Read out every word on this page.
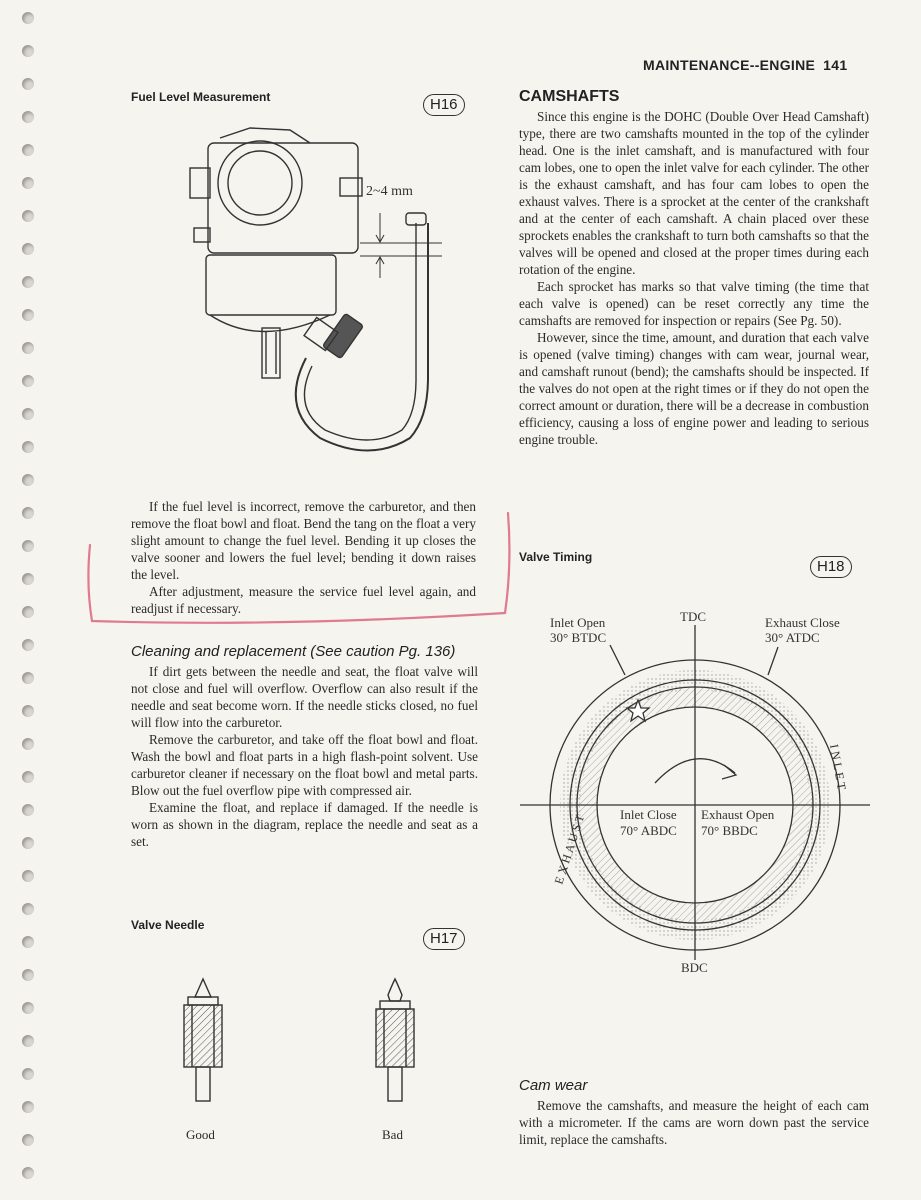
MAINTENANCE--ENGINE 141
Fuel Level Measurement	H16
2~4 mm

If the fuel level is incorrect, remove the carburetor, and then remove the float bowl and float. Bend the tang on the float a very slight amount to change the fuel level. Bending it up closes the valve sooner and lowers the fuel level; bending it down raises the level.

After adjustment, measure the service fuel level again, and readjust if necessary.

Cleaning and replacement (See caution Pg. 136)

If dirt gets between the needle and seat, the float valve will not close and fuel will overflow. Overflow can also result if the needle and seat become worn. If the needle sticks closed, no fuel will flow into the carburetor.

Remove the carburetor, and take off the float bowl and float. Wash the bowl and float parts in a high flash-point solvent. Use carburetor cleaner if necessary on the float bowl and metal parts. Blow out the fuel overflow pipe with compressed air.

Examine the float, and replace if damaged. If the needle is worn as shown in the diagram, replace the needle and seat as a set.

Valve Needle
H17
Good	Bad
CAMSHAFTS

Since this engine is the DOHC (Double Over Head Camshaft) type, there are two camshafts mounted in the top of the cylinder head. One is the inlet camshaft, and is manufactured with four cam lobes, one to open the inlet valve for each cylinder. The other is the exhaust camshaft, and has four cam lobes to open the exhaust valves. There is a sprocket at the center of the crankshaft and at the center of each camshaft. A chain placed over these sprockets enables the crankshaft to turn both camshafts so that the valves will be opened and closed at the proper times during each rotation of the engine.

Each sprocket has marks so that valve timing (the time that each valve is opened) can be reset correctly any time the camshafts are removed for inspection or repairs (See Pg. 50).

However, since the time, amount, and duration that each valve is opened (valve timing) changes with cam wear, journal wear, and camshaft runout (bend); the camshafts should be inspected. If the valves do not open at the right times or if they do not open the correct amount or duration, there will be a decrease in combustion efficiency, causing a loss of engine power and leading to serious engine trouble.

Valve Timing
H18
Inlet Open
30° BTDC
TDC	Exhaust Close
30° ATDC
Inlet Close
70° ABDC
Exhaust Open
70° BBDC
BDC
E X H A U S T
I N L E T
Cam wear

Remove the camshafts, and measure the height of each cam with a micrometer. If the cams are worn down past the service limit, replace the camshafts.
